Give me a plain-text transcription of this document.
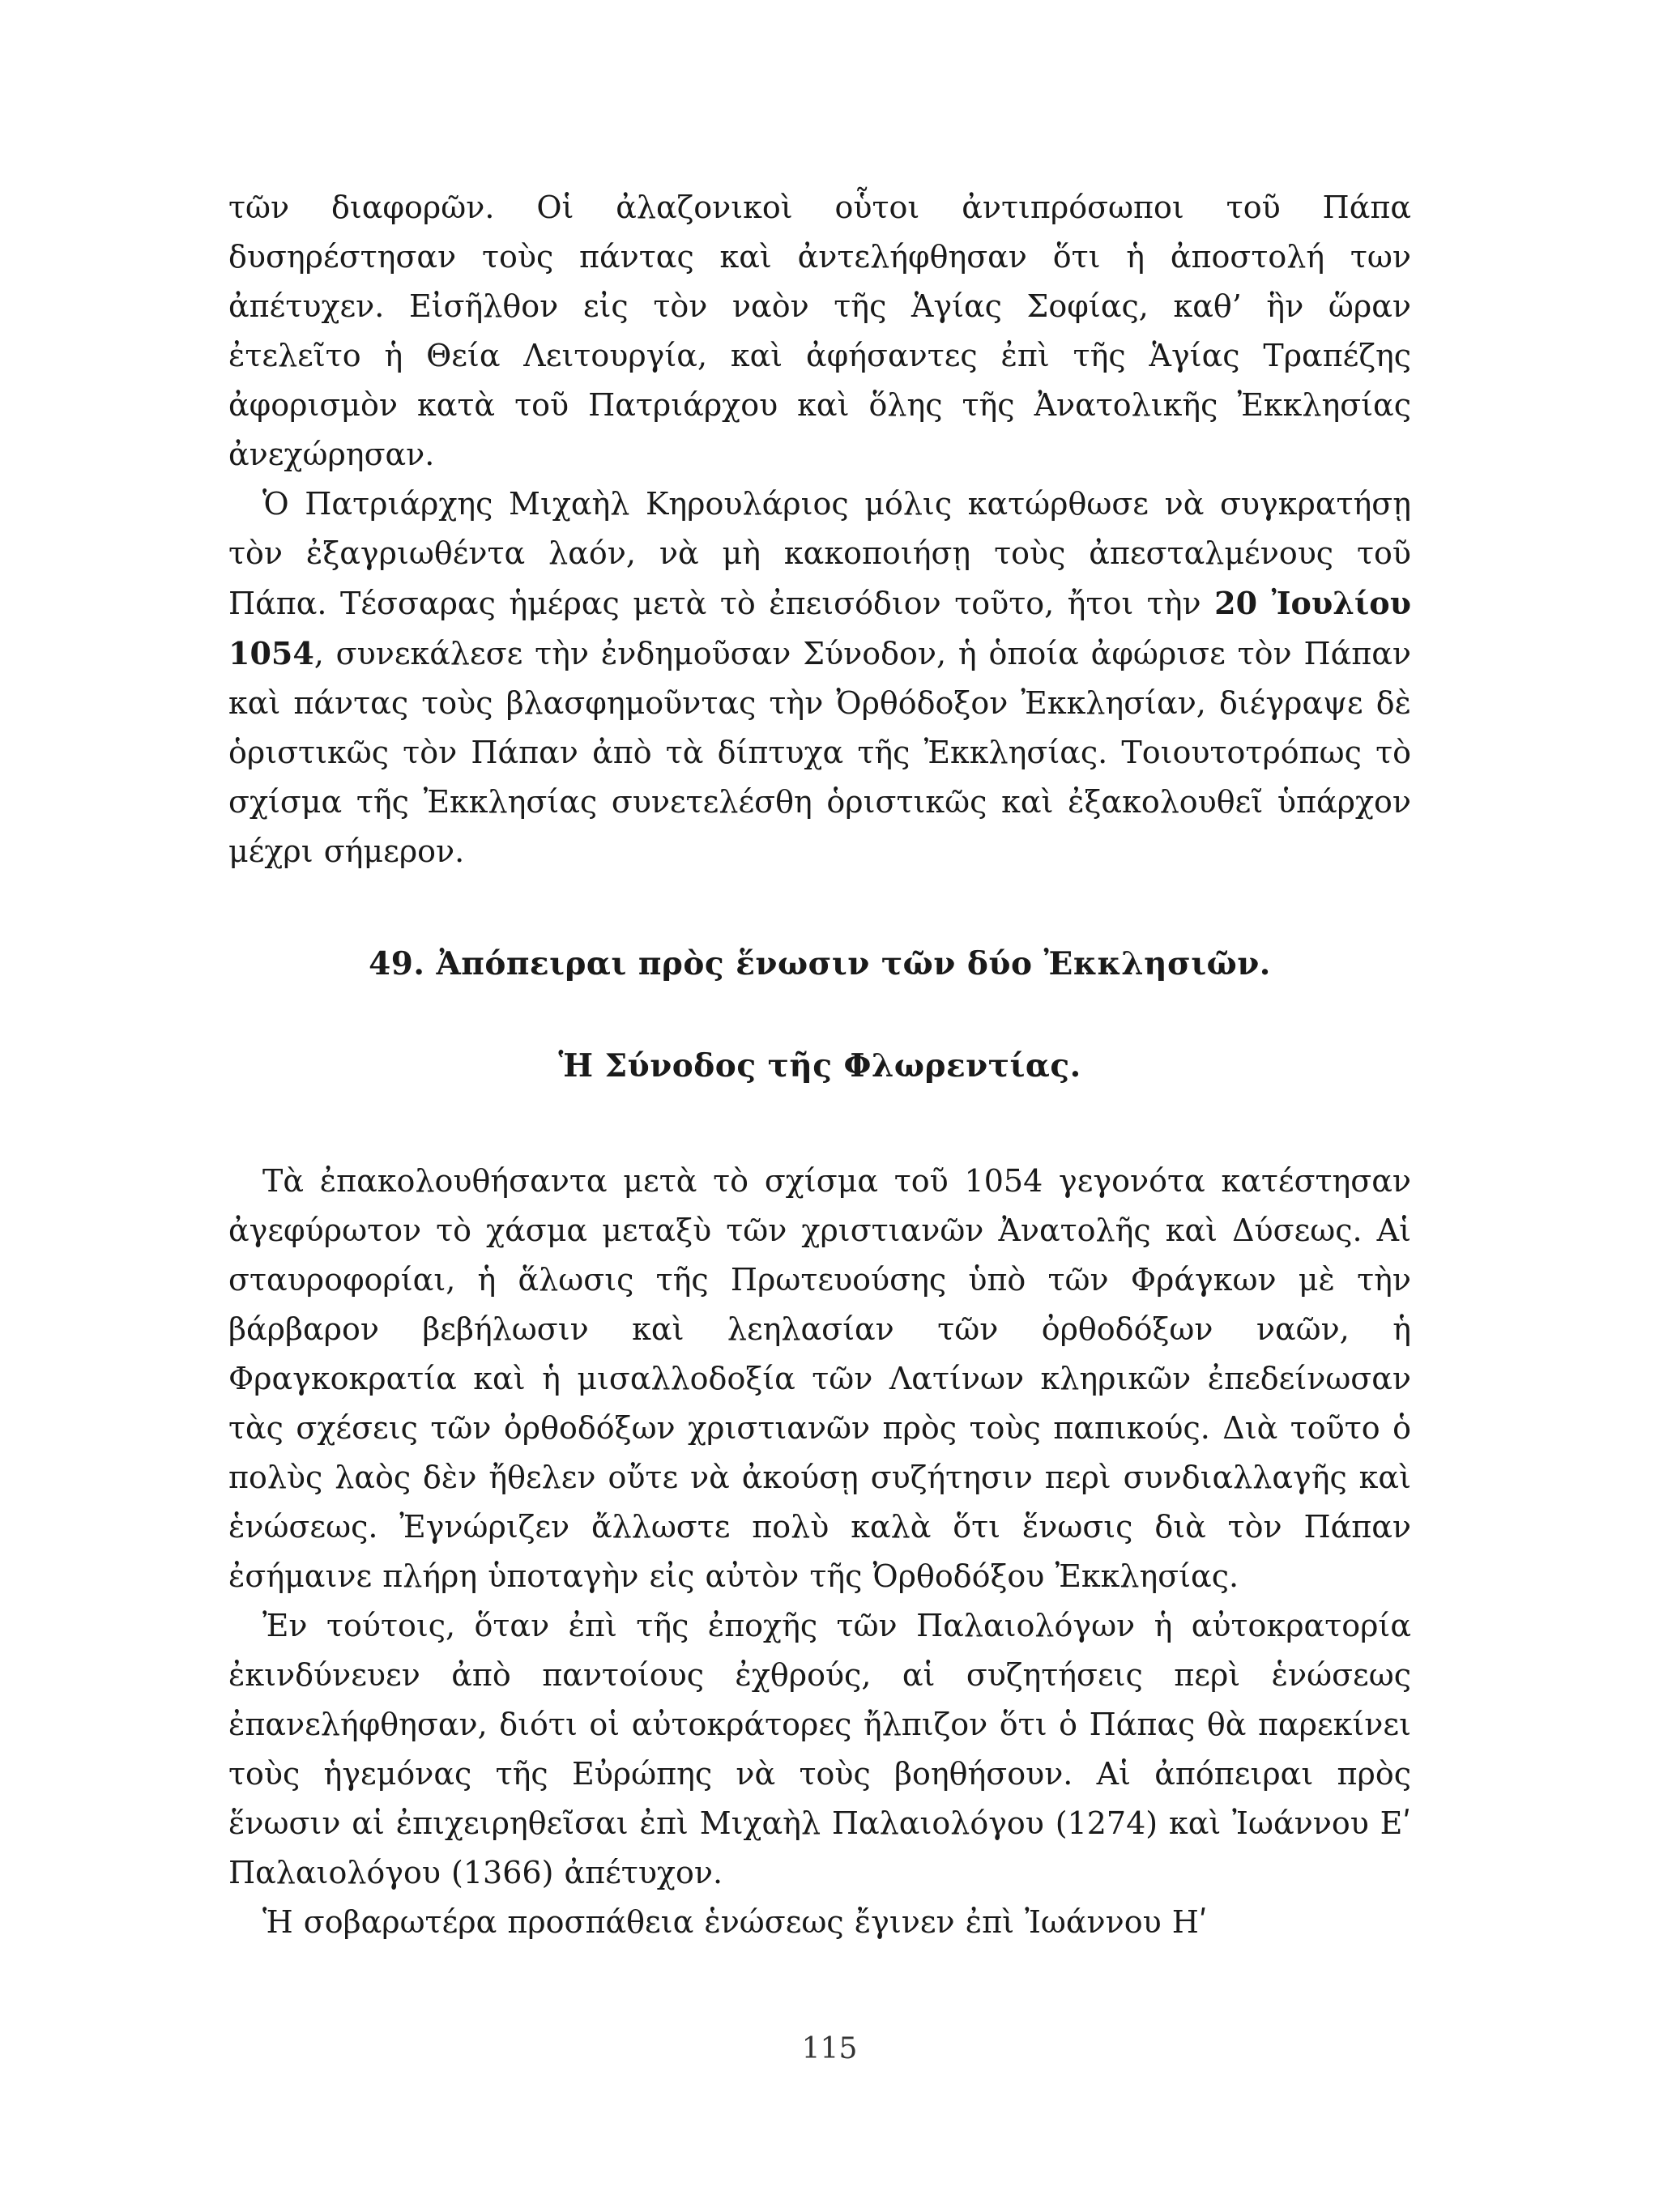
τῶν διαφορῶν. Οἱ ἀλαζονικοὶ οὗτοι ἀντιπρόσωποι τοῦ Πάπα δυσηρέστησαν τοὺς πάντας καὶ ἀντελήφθησαν ὅτι ἡ ἀποστολή των ἀπέτυχεν. Εἰσῆλθον εἰς τὸν ναὸν τῆς Ἁγίας Σοφίας, καθ’ ἣν ὥραν ἐτελεῖτο ἡ Θεία Λειτουργία, καὶ ἀφήσαντες ἐπὶ τῆς Ἁγίας Τραπέζης ἀφορισμὸν κατὰ τοῦ Πατριάρχου καὶ ὅλης τῆς Ἀνατολικῆς Ἐκκλησίας ἀνεχώρησαν.

Ὁ Πατριάρχης Μιχαὴλ Κηρουλάριος μόλις κατώρθωσε νὰ συγκρατήσῃ τὸν ἐξαγριωθέντα λαόν, νὰ μὴ κακοποιήσῃ τοὺς ἀπεσταλμένους τοῦ Πάπα. Τέσσαρας ἡμέρας μετὰ τὸ ἐπεισόδιον τοῦτο, ἤτοι τὴν 20 Ἰουλίου 1054, συνεκάλεσε τὴν ἐνδημοῦσαν Σύνοδον, ἡ ὁποία ἀφώρισε τὸν Πάπαν καὶ πάντας τοὺς βλασφημοῦντας τὴν Ὀρθόδοξον Ἐκκλησίαν, διέγραψε δὲ ὁριστικῶς τὸν Πάπαν ἀπὸ τὰ δίπτυχα τῆς Ἐκκλησίας. Τοιουτοτρόπως τὸ σχίσμα τῆς Ἐκκλησίας συνετελέσθη ὁριστικῶς καὶ ἐξακολουθεῖ ὑπάρχον μέχρι σήμερον.

49. Ἀπόπειραι πρὸς ἕνωσιν τῶν δύο Ἐκκλησιῶν.
Ἡ Σύνοδος τῆς Φλωρεντίας.

Τὰ ἐπακολουθήσαντα μετὰ τὸ σχίσμα τοῦ 1054 γεγονότα κατέστησαν ἀγεφύρωτον τὸ χάσμα μεταξὺ τῶν χριστιανῶν Ἀνατολῆς καὶ Δύσεως. Αἱ σταυροφορίαι, ἡ ἅλωσις τῆς Πρωτευούσης ὑπὸ τῶν Φράγκων μὲ τὴν βάρβαρον βεβήλωσιν καὶ λεηλασίαν τῶν ὀρθοδόξων ναῶν, ἡ Φραγκοκρατία καὶ ἡ μισαλλοδοξία τῶν Λατίνων κληρικῶν ἐπεδείνωσαν τὰς σχέσεις τῶν ὀρθοδόξων χριστιανῶν πρὸς τοὺς παπικούς. Διὰ τοῦτο ὁ πολὺς λαὸς δὲν ἤθελεν οὔτε νὰ ἀκούσῃ συζήτησιν περὶ συνδιαλλαγῆς καὶ ἑνώσεως. Ἐγνώριζεν ἄλλωστε πολὺ καλὰ ὅτι ἕνωσις διὰ τὸν Πάπαν ἐσήμαινε πλήρη ὑποταγὴν εἰς αὐτὸν τῆς Ὀρθοδόξου Ἐκκλησίας.

Ἐν τούτοις, ὅταν ἐπὶ τῆς ἐποχῆς τῶν Παλαιολόγων ἡ αὐτοκρατορία ἐκινδύνευεν ἀπὸ παντοίους ἐχθρούς, αἱ συζητήσεις περὶ ἑνώσεως ἐπανελήφθησαν, διότι οἱ αὐτοκράτορες ἤλπιζον ὅτι ὁ Πάπας θὰ παρεκίνει τοὺς ἡγεμόνας τῆς Εὐρώπης νὰ τοὺς βοηθήσουν. Αἱ ἀπόπειραι πρὸς ἕνωσιν αἱ ἐπιχειρηθεῖσαι ἐπὶ Μιχαὴλ Παλαιολόγου (1274) καὶ Ἰωάννου Εʹ Παλαιολόγου (1366) ἀπέτυχον.

Ἡ σοβαρωτέρα προσπάθεια ἑνώσεως ἔγινεν ἐπὶ Ἰωάννου Ηʹ

115
